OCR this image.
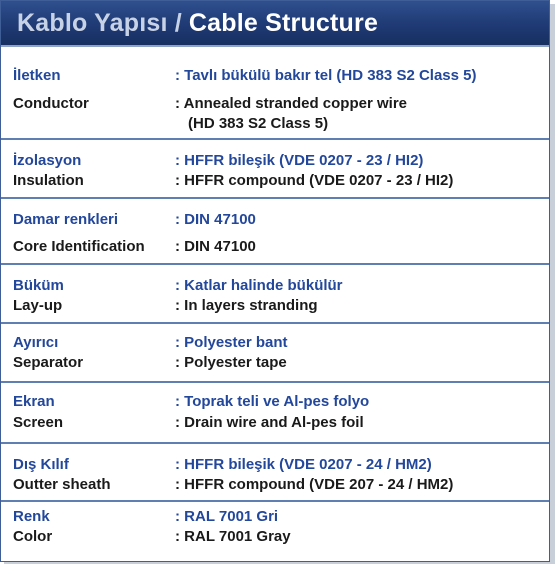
Kablo Yapısı / Cable Structure
İletken	: Tavlı bükülü bakır tel (HD 383 S2 Class 5)
Conductor	: Annealed stranded copper wire
(HD 383 S2 Class 5)
İzolasyon	: HFFR bileşik (VDE 0207 - 23 / HI2)
Insulation	: HFFR compound (VDE 0207 - 23 / HI2)
Damar renkleri	: DIN 47100
Core Identification : DIN 47100
Büküm	: Katlar halinde bükülür
Lay-up	: In layers stranding
Ayırıcı	: Polyester bant
Separator	: Polyester tape
Ekran	: Toprak teli ve Al-pes folyo
Screen	: Drain wire and Al-pes foil
Dış Kılıf	: HFFR bileşik (VDE 0207 - 24 / HM2)
Outter sheath	: HFFR compound (VDE 207 - 24 / HM2)
Renk	: RAL 7001 Gri
Color	: RAL 7001 Gray
